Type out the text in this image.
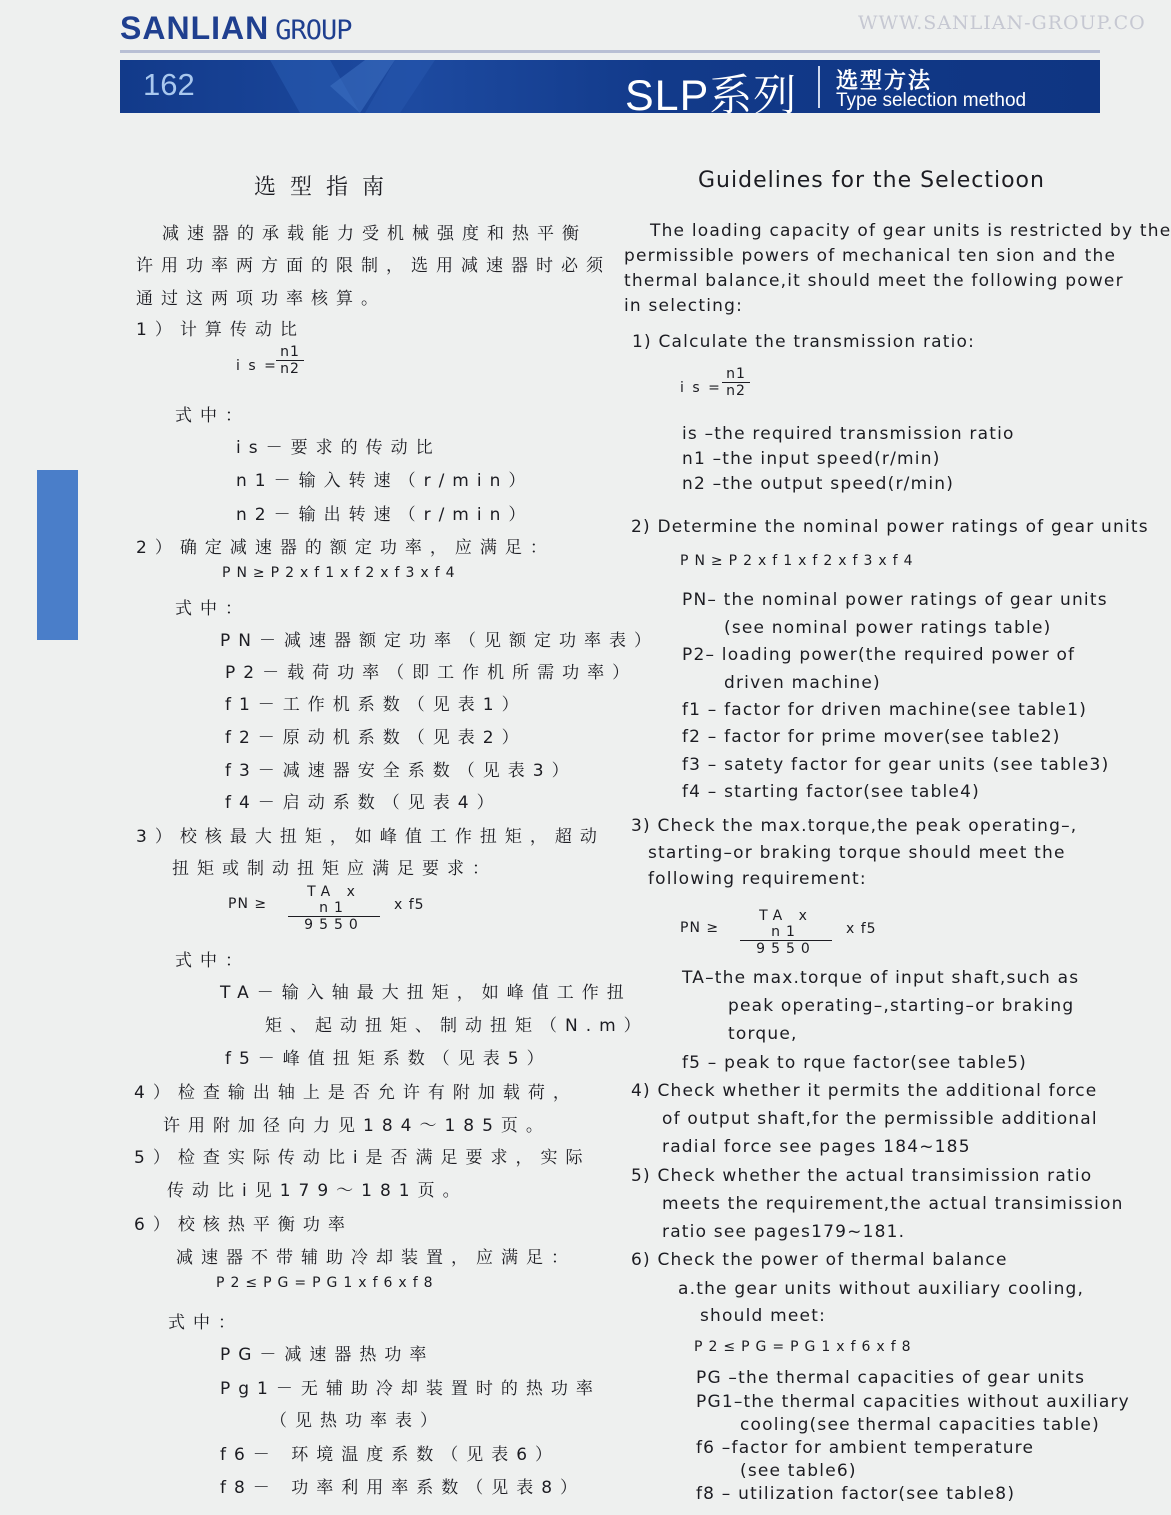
SANLIAN GROUP	WWW.SANLIAN-GROUP.CO
162	SLP系列 选型方法
Type selection method
选型指南
减速器的承载能力受机械强度和热平衡
许用功率两方面的限制，选用减速器时必须
通过这两项功率核算。
1）计算传动比
i s =
$\frac{n1}{n2}$
式中：
is－要求的传动比
n1－输入转速（r/min）
n2－输出转速（r/min）
2）确定减速器的额定功率，应满足：
PN≥P2xf1xf2xf3xf4
式中：
PN－减速器额定功率（见额定功率表）
P2－载荷功率（即工作机所需功率）
f1－工作机系数（见表1）
f2－原动机系数（见表2）
f3－减速器安全系数（见表3）
f4－启动系数（见表4）
3）校核最大扭矩，如峰值工作扭矩，超动
扭矩或制动扭矩应满足要求：
PN ≥ $\frac{\text{TA x n1}}{9550}$ x f5
式中：
TA－输入轴最大扭矩，如峰值工作扭
矩、起动扭矩、制动扭矩（N.m）
f5－峰值扭矩系数（见表5）
4）检查输出轴上是否允许有附加载荷，
许用附加径向力见184～185页。
5）检查实际传动比i是否满足要求，实际
传动比i见179～181页。
6）校核热平衡功率
减速器不带辅助冷却装置，应满足：
P2≤PG=PG1xf6xf8
式中：
PG－减速器热功率
Pg1－无辅助冷却装置时的热功率
（见热功率表）
f6－ 环境温度系数（见表6）
f8－ 功率利用率系数（见表8）
Guidelines for the Selectioon
The loading capacity of gear units is restricted by the
permissible powers of mechanical ten sion and the
thermal balance,it should meet the following power
in selecting:
1) Calculate the transmission ratio:
i $s = \frac{n1}{n2}$
is –the required transmission ratio
n1 –the input speed(r/min)
n2 –the output speed(r/min)
2) Determine the nominal power ratings of gear units
PN≥P2xf1xf2xf3xf4
PN– the nominal power ratings of gear units
(see nominal power ratings table)
P2– loading power(the required power of
driven machine)
f1 – factor for driven machine(see table1)
f2 – factor for prime mover(see table2)
f3 – satety factor for gear units (see table3)
f4 – starting factor(see table4)
3) Check the max.torque,the peak operating–,
starting–or braking torque should meet the
following requirement:
PN ≥ $\frac{\text{TA x n1}}{9550}$ x f5
TA–the max.torque of input shaft,such as
peak operating–,starting–or braking
torque,
f5 – peak to rque factor(see table5)
4) Check whether it permits the additional force
of output shaft,for the permissible additional
radial force see pages 184~185
5) Check whether the actual transimission ratio
meets the requirement,the actual transimission
ratio see pages179~181.
6) Check the power of thermal balance
a.the gear units without auxiliary cooling,
should meet:
P2≤PG=PG1xf6xf8
PG –the thermal capacities of gear units
PG1–the thermal capacities without auxiliary
cooling(see thermal capacities table)
f6 –factor for ambient temperature
(see table6)
f8 – utilization factor(see table8)
